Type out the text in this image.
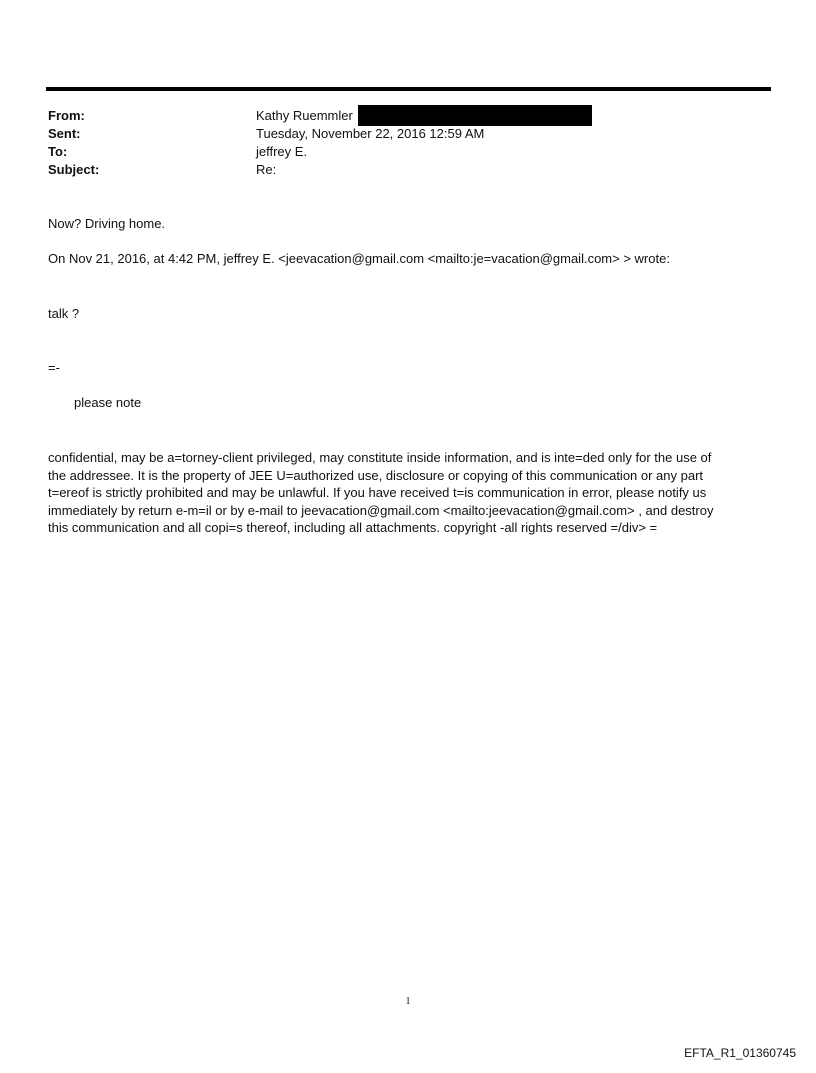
From:	Kathy Ruemmler
Sent:	Tuesday, November 22, 2016 12:59 AM
To:	jeffrey E.
Subject:	Re:
Now? Driving home.
On Nov 21, 2016, at 4:42 PM, jeffrey E. <jeevacation@gmail.com <mailto:je=vacation@gmail.com> > wrote:
talk ?
=-
please note
confidential, may be a=torney-client privileged, may constitute inside information, and is inte=ded only for the use of
the addressee. It is the property of JEE U=authorized use, disclosure or copying of this communication or any part
t=ereof is strictly prohibited and may be unlawful. If you have received t=is communication in error, please notify us
immediately by return e-m=il or by e-mail to jeevacation@gmail.com <mailto:jeevacation@gmail.com> , and destroy
this communication and all copi=s thereof, including all attachments. copyright -all rights reserved =/div> =
1
EFTA_R1_01360745
